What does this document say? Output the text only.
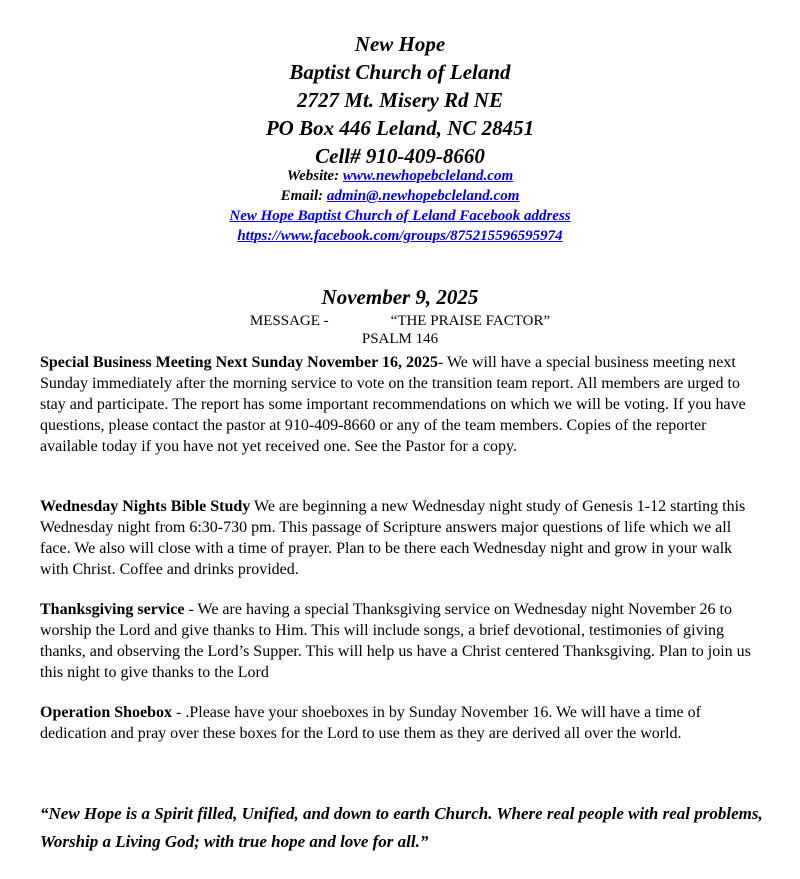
New Hope
Baptist Church of Leland
2727 Mt. Misery Rd NE
PO Box 446 Leland, NC 28451
Cell# 910-409-8660
Website: www.newhopebcleland.com
Email: admin@.newhopebcleland.com
New Hope Baptist Church of Leland Facebook address
https://www.facebook.com/groups/875215596595974
November 9, 2025
MESSAGE -	“THE PRAISE FACTOR”
PSALM 146
Special Business Meeting Next Sunday November 16, 2025- We will have a special business meeting next Sunday immediately after the morning service to vote on the transition team report. All members are urged to stay and participate. The report has some important recommendations on which we will be voting. If you have questions, please contact the pastor at 910-409-8660 or any of the team members. Copies of the reporter available today if you have not yet received one. See the Pastor for a copy.
Wednesday Nights Bible Study We are beginning a new Wednesday night study of Genesis 1-12 starting this Wednesday night from 6:30-730 pm. This passage of Scripture answers major questions of life which we all face. We also will close with a time of prayer. Plan to be there each Wednesday night and grow in your walk with Christ. Coffee and drinks provided.
Thanksgiving service - We are having a special Thanksgiving service on Wednesday night November 26 to worship the Lord and give thanks to Him. This will include songs, a brief devotional, testimonies of giving thanks, and observing the Lord’s Supper. This will help us have a Christ centered Thanksgiving. Plan to join us this night to give thanks to the Lord
Operation Shoebox - .Please have your shoeboxes in by Sunday November 16. We will have a time of dedication and pray over these boxes for the Lord to use them as they are derived all over the world.
“New Hope is a Spirit filled, Unified, and down to earth Church. Where real people with real problems, Worship a Living God; with true hope and love for all.”
